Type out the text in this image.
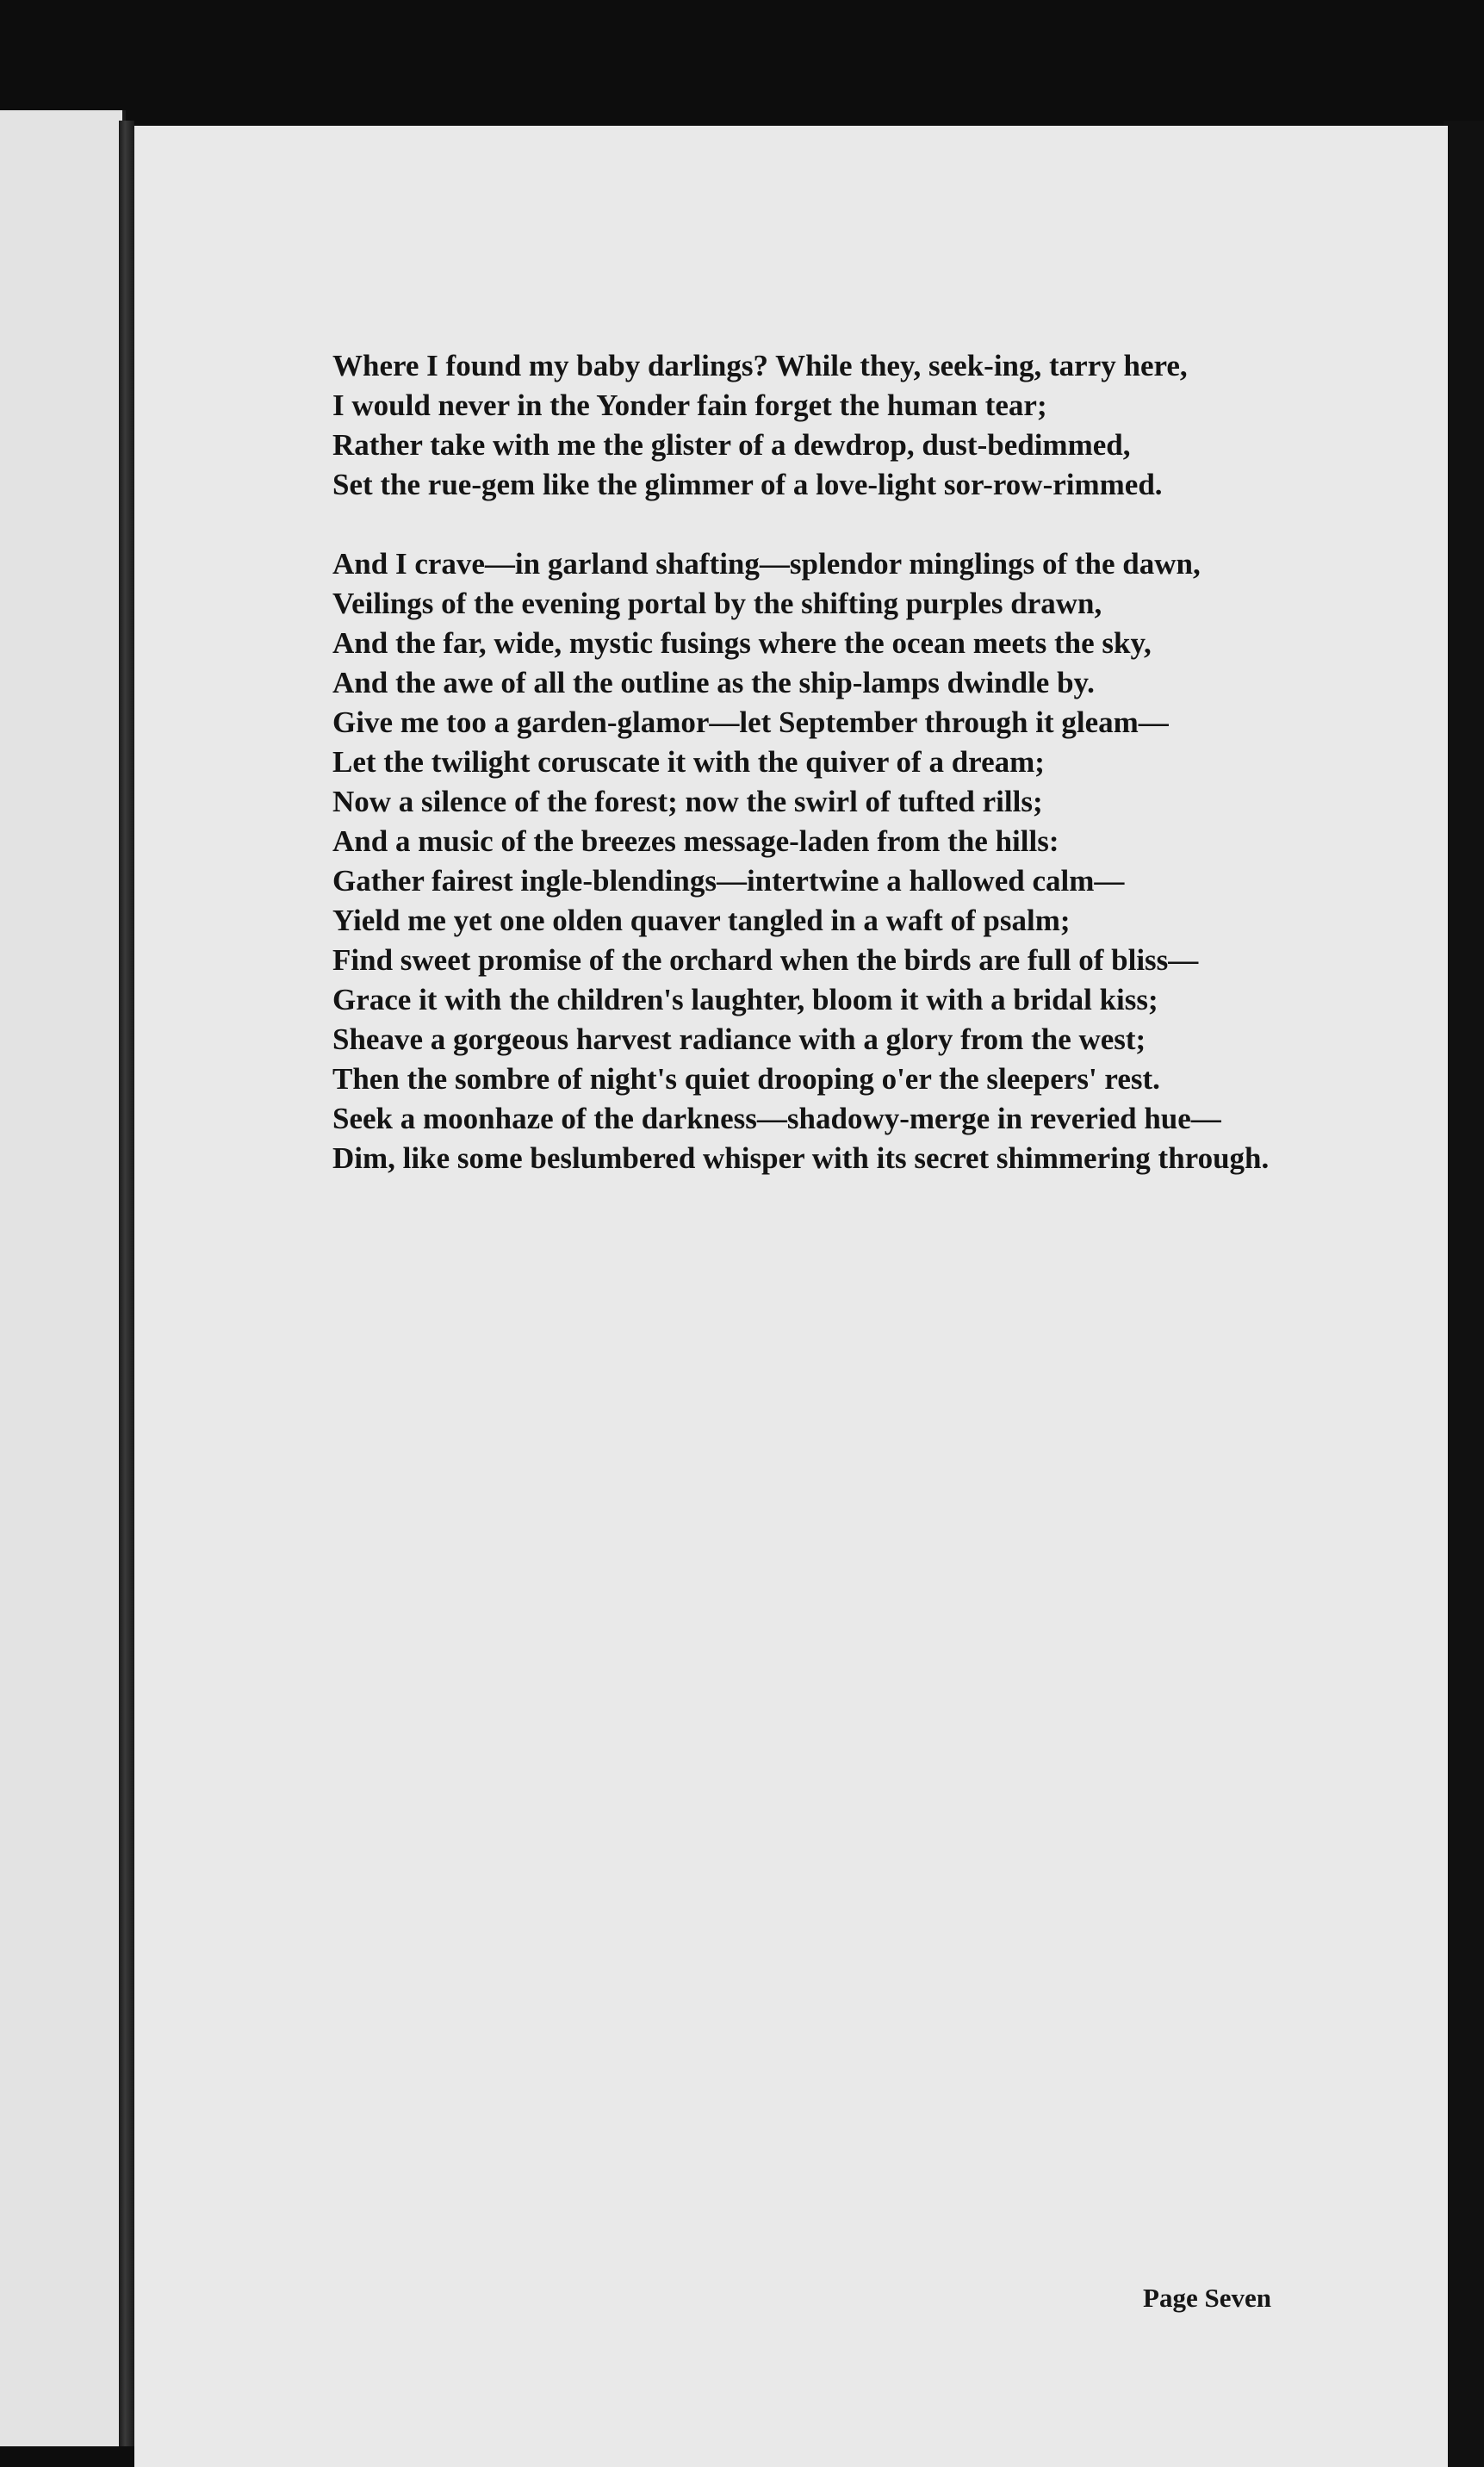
Where I found my baby darlings? While they, seek-ing, tarry here,
I would never in the Yonder fain forget the human tear;
Rather take with me the glister of a dewdrop, dust-bedimmed,
Set the rue-gem like the glimmer of a love-light sor-row-rimmed.
And I crave—in garland shafting—splendor minglings of the dawn,
Veilings of the evening portal by the shifting purples drawn,
And the far, wide, mystic fusings where the ocean meets the sky,
And the awe of all the outline as the ship-lamps dwindle by.
Give me too a garden-glamor—let September through it gleam—
Let the twilight coruscate it with the quiver of a dream;
Now a silence of the forest; now the swirl of tufted rills;
And a music of the breezes message-laden from the hills:
Gather fairest ingle-blendings—intertwine a hallowed calm—
Yield me yet one olden quaver tangled in a waft of psalm;
Find sweet promise of the orchard when the birds are full of bliss—
Grace it with the children's laughter, bloom it with a bridal kiss;
Sheave a gorgeous harvest radiance with a glory from the west;
Then the sombre of night's quiet drooping o'er the sleepers' rest.
Seek a moonhaze of the darkness—shadowy-merge in reveried hue—
Dim, like some beslumbered whisper with its secret shimmering through.
Page Seven
